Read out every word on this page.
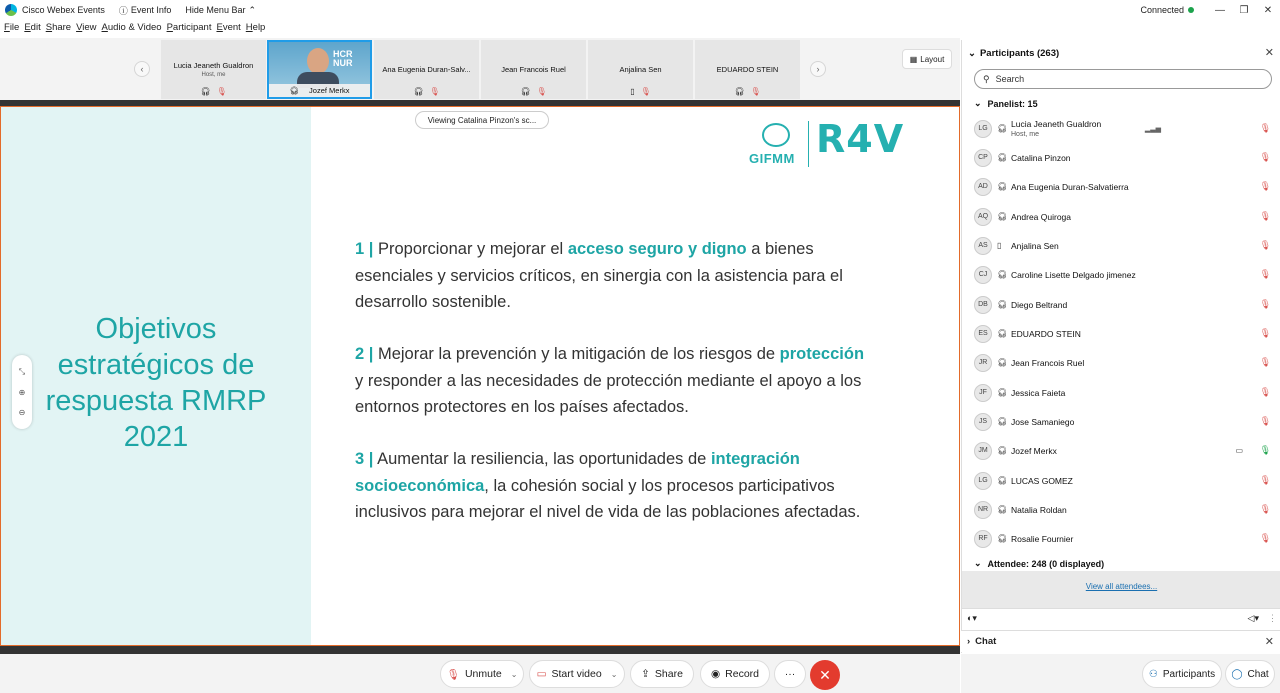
Cisco Webex Events ⓘ Event Info Hide Menu Bar ⌃	Connected	—	❐	✕
File Edit Share View Audio & Video Participant Event Help
‹	Lucia Jeaneth Gualdron
Host, me
🎧︎ 🎙︎
HCR
NUR
🎧︎ Jozef Merkx
Ana Eugenia Duran-Salv...
🎧︎ 🎙︎
Jean Francois Ruel
🎧︎ 🎙︎
Anjalina Sen
▯ 🎙︎
EDUARDO STEIN
🎧︎ 🎙︎
›
▦ Layout
Objetivos estratégicos de respuesta RMRP 2021
⤡
⊕
⊖
Viewing Catalina Pinzon's sc...
GIFMM R4V
1 | Proporcionar y mejorar el acceso seguro y digno a bienes esenciales y servicios críticos, en sinergia con la asistencia para el desarrollo sostenible.
2 | Mejorar la prevención y la mitigación de los riesgos de protección y responder a las necesidades de protección mediante el apoyo a los entornos protectores en los países afectados.
3 | Aumentar la resiliencia, las oportunidades de integración socioeconómica, la cohesión social y los procesos participativos inclusivos para mejorar el nivel de vida de las poblaciones afectadas.
🎙︎ Unmute ⌄ ▭ Start video ⌄ ⇪ Share	◉ Record ··· ✕
⌄ Participants (263)	✕
⚲ Search
⌄ Panelist: 15
LG	🎧︎ Lucia Jeaneth Gualdron
Host, me
▂▃▅	🎙︎
CP	🎧︎ Catalina Pinzon	🎙︎
AD	🎧︎ Ana Eugenia Duran-Salvatierra	🎙︎
AQ	🎧︎ Andrea Quiroga	🎙︎
AS	▯ Anjalina Sen	🎙︎
CJ	🎧︎ Caroline Lisette Delgado jimenez	🎙︎
DB	🎧︎ Diego Beltrand	🎙︎
ES	🎧︎ EDUARDO STEIN	🎙︎
JR	🎧︎ Jean Francois Ruel	🎙︎
JF	🎧︎ Jessica Faieta	🎙︎
JS	🎧︎ Jose Samaniego	🎙︎
JM	🎧︎ Jozef Merkx	▭ 🎙︎
LG	🎧︎ LUCAS GOMEZ	🎙︎
NR	🎧︎ Natalia Roldan	🎙︎
RF	🎧︎ Rosalie Fournier	🎙︎
⌄ Attendee: 248 (0 displayed)
View all attendees...
◐▾	◁▾ ⋮
› Chat	✕
⚇ Participants ◯ Chat
